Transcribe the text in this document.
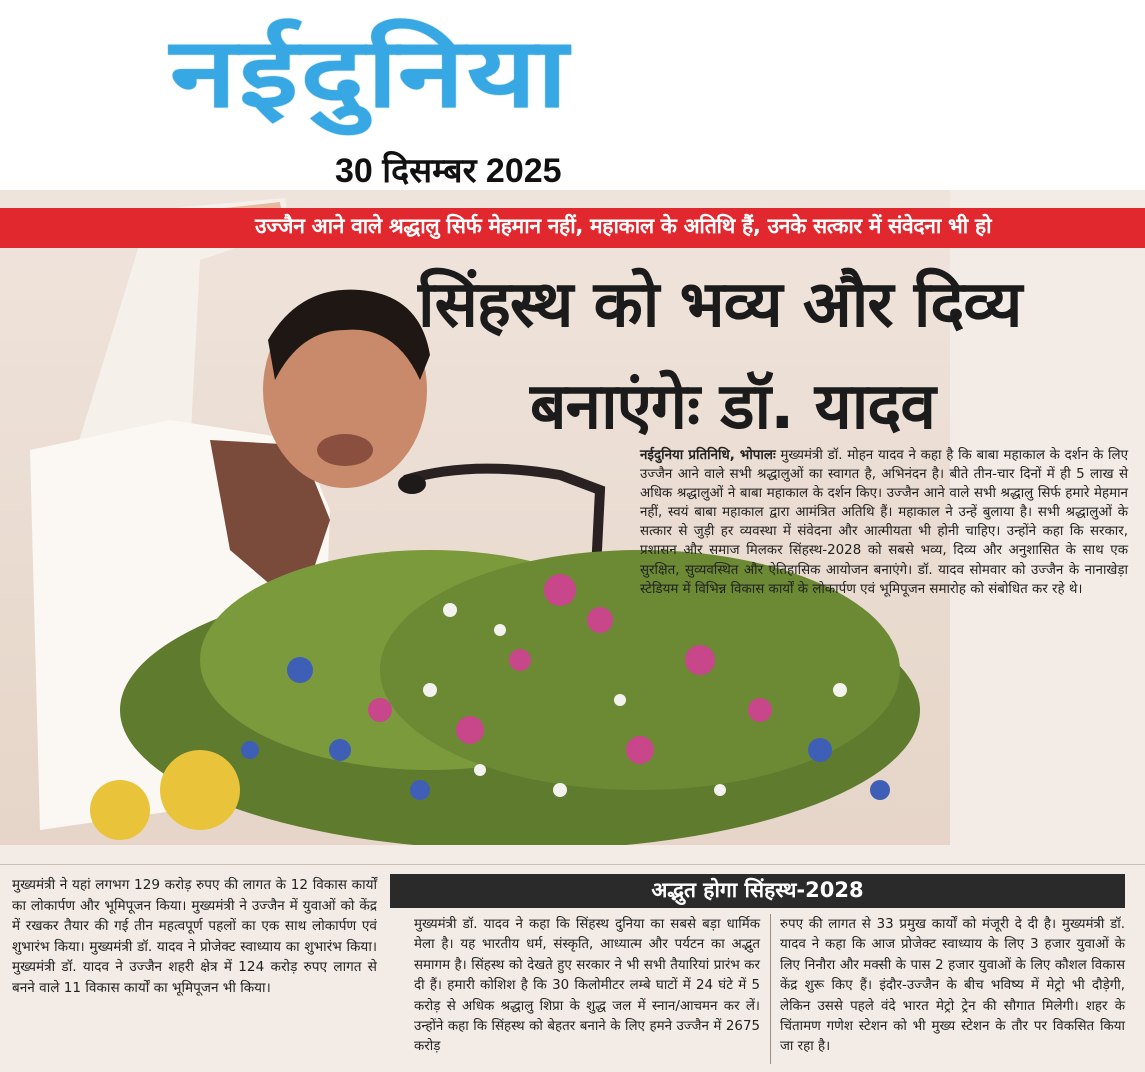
नईदुनिया
30 दिसम्बर 2025
उज्जैन आने वाले श्रद्धालु सिर्फ मेहमान नहीं, महाकाल के अतिथि हैं, उनके सत्कार में संवेदना भी हो
सिंहस्थ को भव्य और दिव्य
बनाएंगेः डॉ. यादव
नईदुनिया प्रतिनिधि, भोपालः मुख्यमंत्री डॉ. मोहन यादव ने कहा है कि बाबा महाकाल के दर्शन के लिए उज्जैन आने वाले सभी श्रद्धालुओं का स्वागत है, अभिनंदन है। बीते तीन-चार दिनों में ही 5 लाख से अधिक श्रद्धालुओं ने बाबा महाकाल के दर्शन किए। उज्जैन आने वाले सभी श्रद्धालु सिर्फ हमारे मेहमान नहीं, स्वयं बाबा महाकाल द्वारा आमंत्रित अतिथि हैं। महाकाल ने उन्हें बुलाया है। सभी श्रद्धालुओं के सत्कार से जुड़ी हर व्यवस्था में संवेदना और आत्मीयता भी होनी चाहिए। उन्होंने कहा कि सरकार, प्रशासन और समाज मिलकर सिंहस्थ-2028 को सबसे भव्य, दिव्य और अनुशासित के साथ एक सुरक्षित, सुव्यवस्थित और ऐतिहासिक आयोजन बनाएंगे। डॉ. यादव सोमवार को उज्जैन के नानाखेड़ा स्टेडियम में विभिन्न विकास कार्यों के लोकार्पण एवं भूमिपूजन समारोह को संबोधित कर रहे थे।
मुख्यमंत्री ने यहां लगभग 129 करोड़ रुपए की लागत के 12 विकास कार्यों का लोकार्पण और भूमिपूजन किया। मुख्यमंत्री ने उज्जैन में युवाओं को केंद्र में रखकर तैयार की गई तीन महत्वपूर्ण पहलों का एक साथ लोकार्पण एवं शुभारंभ किया। मुख्यमंत्री डॉ. यादव ने प्रोजेक्ट स्वाध्याय का शुभारंभ किया। मुख्यमंत्री डॉ. यादव ने उज्जैन शहरी क्षेत्र में 124 करोड़ रुपए लागत से बनने वाले 11 विकास कार्यों का भूमिपूजन भी किया।
अद्भुत होगा सिंहस्थ-2028
मुख्यमंत्री डॉ. यादव ने कहा कि सिंहस्थ दुनिया का सबसे बड़ा धार्मिक मेला है। यह भारतीय धर्म, संस्कृति, आध्यात्म और पर्यटन का अद्भुत समागम है। सिंहस्थ को देखते हुए सरकार ने भी सभी तैयारियां प्रारंभ कर दी हैं। हमारी कोशिश है कि 30 किलोमीटर लम्बे घाटों में 24 घंटे में 5 करोड़ से अधिक श्रद्धालु शिप्रा के शुद्ध जल में स्नान/आचमन कर लें। उन्होंने कहा कि सिंहस्थ को बेहतर बनाने के लिए हमने उज्जैन में 2675 करोड़
रुपए की लागत से 33 प्रमुख कार्यों को मंजूरी दे दी है। मुख्यमंत्री डॉ. यादव ने कहा कि आज प्रोजेक्ट स्वाध्याय के लिए 3 हजार युवाओं के लिए निनौरा और मक्सी के पास 2 हजार युवाओं के लिए कौशल विकास केंद्र शुरू किए हैं। इंदौर-उज्जैन के बीच भविष्य में मेट्रो भी दौड़ेगी, लेकिन उससे पहले वंदे भारत मेट्रो ट्रेन की सौगात मिलेगी। शहर के चिंतामण गणेश स्टेशन को भी मुख्य स्टेशन के तौर पर विकसित किया जा रहा है।
